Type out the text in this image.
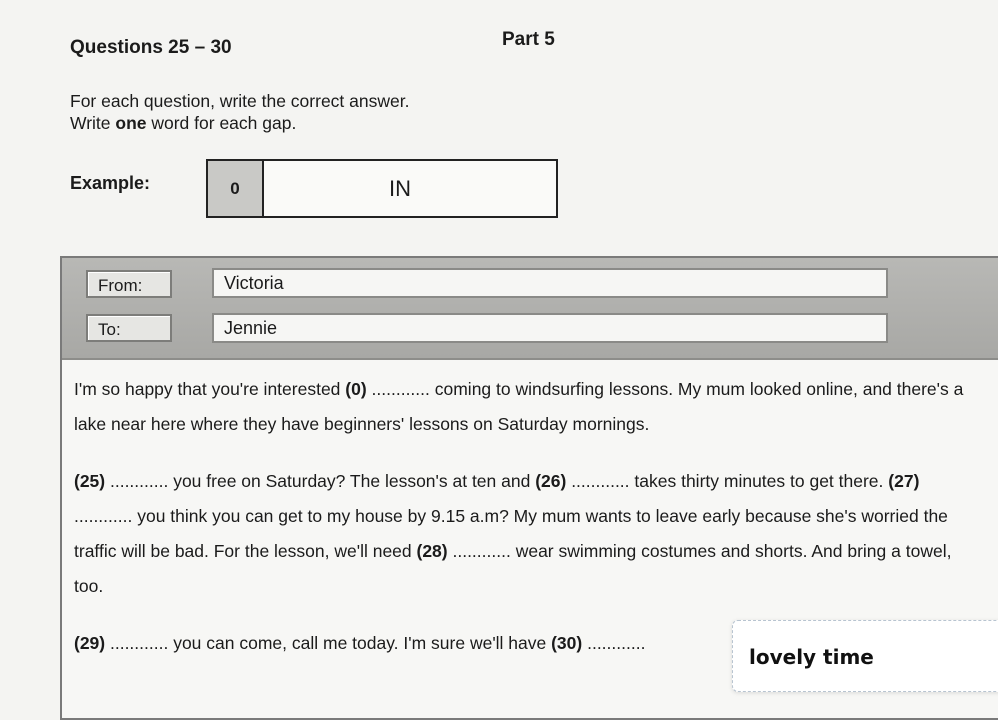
Questions 25 – 30	Part 5
For each question, write the correct answer.
Write one word for each gap.
Example:	0	IN
From:	Victoria
To:	Jennie

I'm so happy that you're interested (0) ............ coming to windsurfing lessons. My mum looked online, and there's a lake near here where they have beginners' lessons on Saturday mornings.

(25) ............ you free on Saturday? The lesson's at ten and (26) ............ takes thirty minutes to get there. (27) ............ you think you can get to my house by 9.15 a.m? My mum wants to leave early because she's worried the traffic will be bad. For the lesson, we'll need (28) ............ wear swimming costumes and shorts. And bring a towel, too.

(29) ............ you can come, call me today. I'm sure we'll have (30) ............

lovely time
